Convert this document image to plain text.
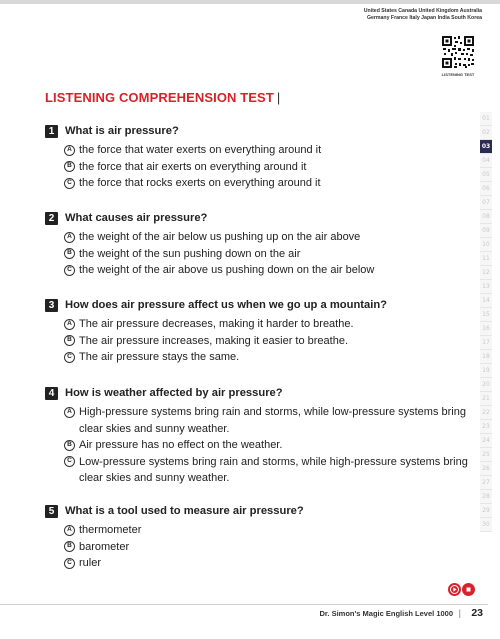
United States Canada United Kingdom Australia
Germany France Italy Japan India South Korea
LISTENING TEST
LISTENING COMPREHENSION TEST |
1 What is air pressure?
A the force that water exerts on everything around it
B the force that air exerts on everything around it
C the force that rocks exerts on everything around it
2 What causes air pressure?
A the weight of the air below us pushing up on the air above
B the weight of the sun pushing down on the air
C the weight of the air above us pushing down on the air below
3 How does air pressure affect us when we go up a mountain?
A The air pressure decreases, making it harder to breathe.
B The air pressure increases, making it easier to breathe.
C The air pressure stays the same.
4 How is weather affected by air pressure?
A High-pressure systems bring rain and storms, while low-pressure systems bring clear skies and sunny weather.
B Air pressure has no effect on the weather.
C Low-pressure systems bring rain and storms, while high-pressure systems bring clear skies and sunny weather.
5 What is a tool used to measure air pressure?
A thermometer
B barometer
C ruler
01
02
03
04
05
06
07
08
09
10
11
12
13
14
15
16
17
18
19
20
21
22
23
24
25
26
27
28
29
30
Dr. Simon's Magic English Level 1000 | 23
